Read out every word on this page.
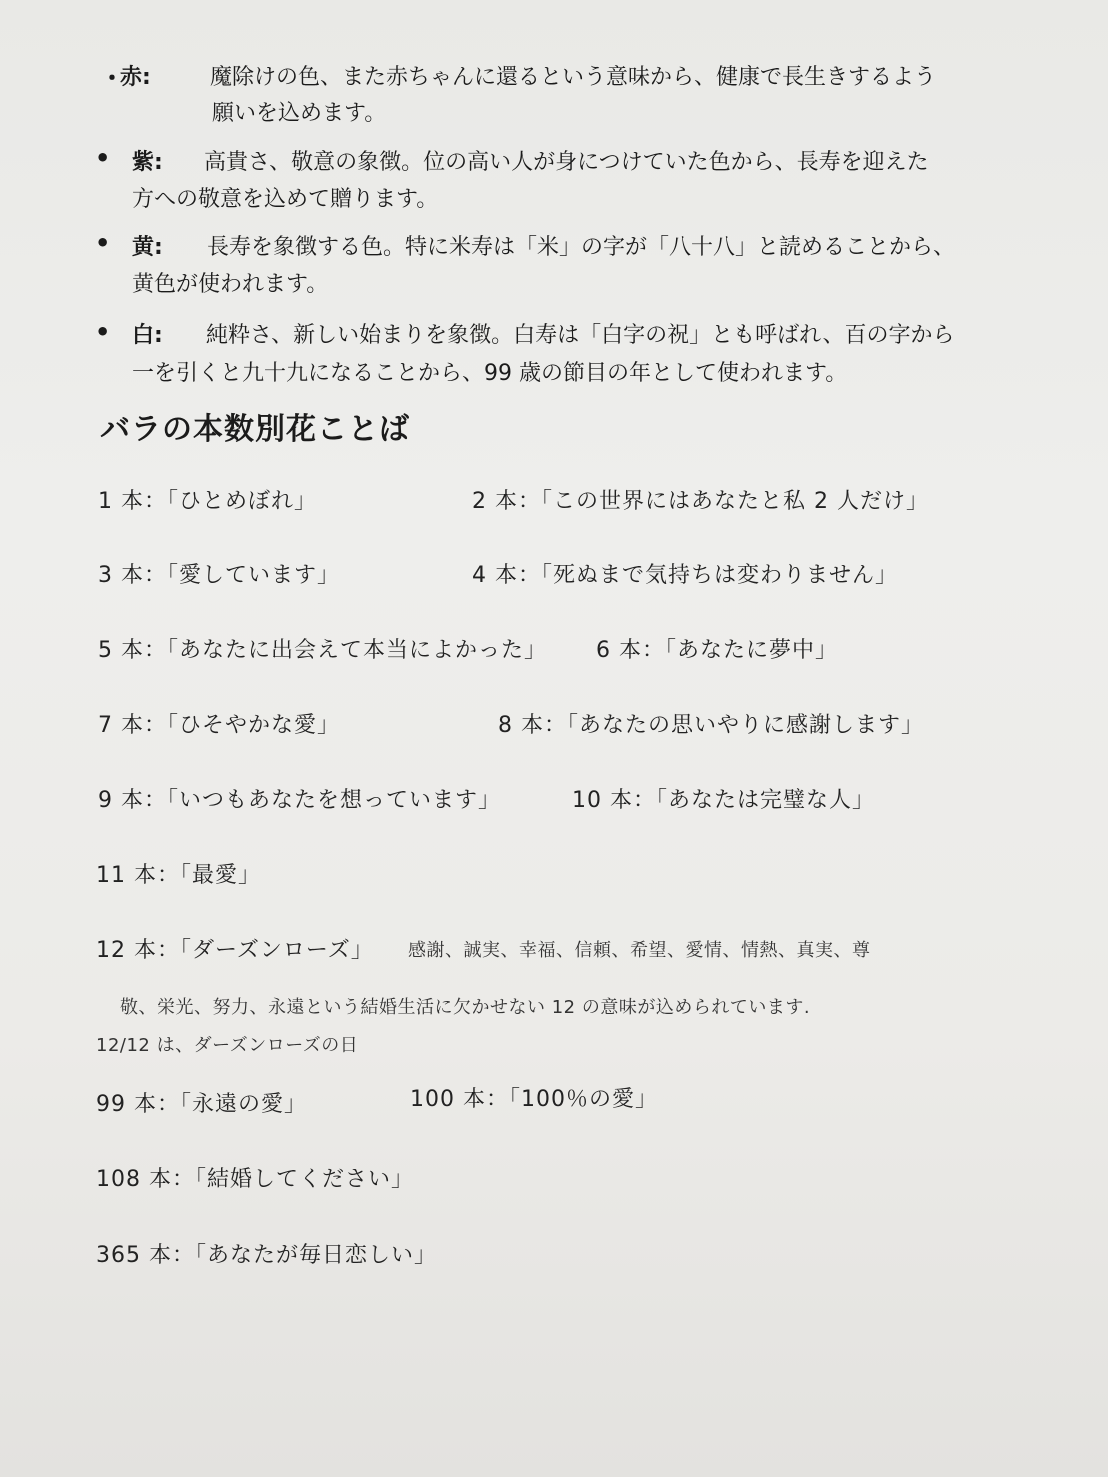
・
赤:	魔除けの色、また赤ちゃんに還るという意味から、健康で長生きするよう
願いを込めます。
• 紫: 高貴さ、敬意の象徴。位の高い人が身につけていた色から、長寿を迎えた
方への敬意を込めて贈ります。
• 黄: 長寿を象徴する色。特に米寿は「米」の字が「八十八」と読めることから、
黄色が使われます。
• 白: 純粋さ、新しい始まりを象徴。白寿は「白字の祝」とも呼ばれ、百の字から
一を引くと九十九になることから、99 歳の節目の年として使われます。
バラの本数別花ことば
1 本：「ひとめぼれ」	2 本：「この世界にはあなたと私 2 人だけ」
3 本：「愛しています」	4 本：「死ぬまで気持ちは変わりません」
5 本：「あなたに出会えて本当によかった」 6 本：「あなたに夢中」
7 本：「ひそやかな愛」	8 本：「あなたの思いやりに感謝します」
9 本：「いつもあなたを想っています」	10 本：「あなたは完璧な人」
11 本：「最愛」
12 本：「ダーズンローズ」 感謝、誠実、幸福、信頼、希望、愛情、情熱、真実、尊
敬、栄光、努力、永遠という結婚生活に欠かせない 12 の意味が込められています.
12/12 は、ダーズンローズの日
99 本：「永遠の愛」	100 本：「100％の愛」
108 本：「結婚してください」
365 本：「あなたが毎日恋しい」
